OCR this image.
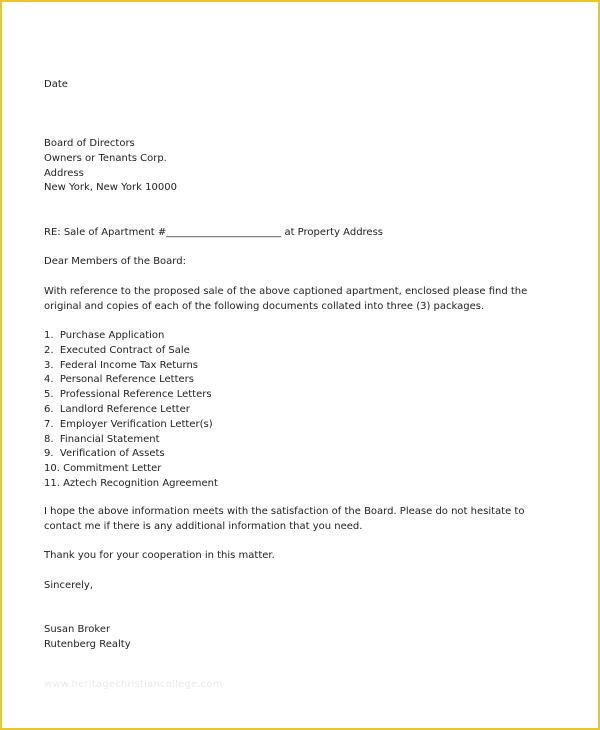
Date
Board of Directors
Owners or Tenants Corp.
Address
New York, New York 10000
RE: Sale of Apartment #_______________________ at Property Address
Dear Members of the Board:
With reference to the proposed sale of the above captioned apartment, enclosed please find the original and copies of each of the following documents collated into three (3) packages.
1.  Purchase Application
2.  Executed Contract of Sale
3.  Federal Income Tax Returns
4.  Personal Reference Letters
5.  Professional Reference Letters
6.  Landlord Reference Letter
7.  Employer Verification Letter(s)
8.  Financial Statement
9.  Verification of Assets
10. Commitment Letter
11. Aztech Recognition Agreement
I hope the above information meets with the satisfaction of the Board. Please do not hesitate to contact me if there is any additional information that you need.
Thank you for your cooperation in this matter.
Sincerely,
Susan Broker
Rutenberg Realty
www.heritagechristiancollege.com
